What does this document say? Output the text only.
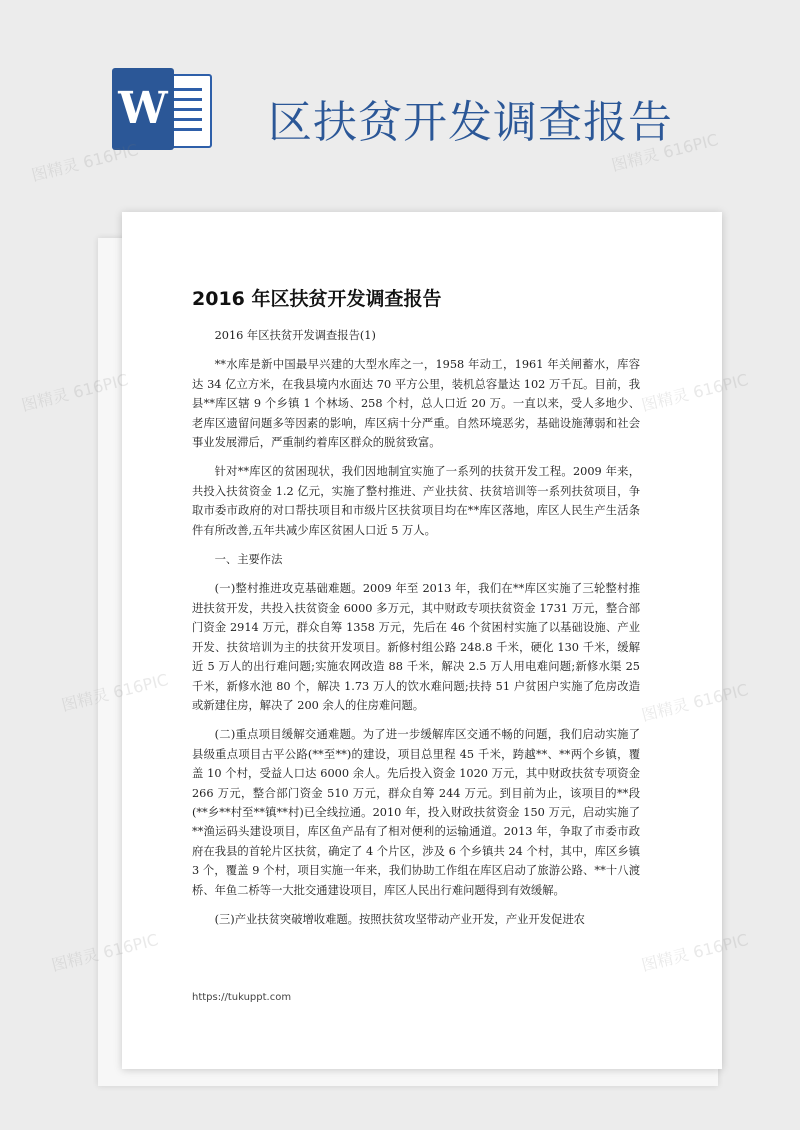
W 区扶贫开发调查报告
2016 年区扶贫开发调查报告

2016 年区扶贫开发调查报告(1)

**水库是新中国最早兴建的大型水库之一，1958 年动工，1961 年关闸蓄水，库容达 34 亿立方米，在我县境内水面达 70 平方公里，装机总容量达 102 万千瓦。目前，我县**库区辖 9 个乡镇 1 个林场、258 个村，总人口近 20 万。一直以来，受人多地少、老库区遗留问题多等因素的影响，库区病十分严重。自然环境恶劣，基础设施薄弱和社会事业发展滞后，严重制约着库区群众的脱贫致富。

针对**库区的贫困现状，我们因地制宜实施了一系列的扶贫开发工程。2009 年来，共投入扶贫资金 1.2 亿元，实施了整村推进、产业扶贫、扶贫培训等一系列扶贫项目，争取市委市政府的对口帮扶项目和市级片区扶贫项目均在**库区落地，库区人民生产生活条件有所改善,五年共减少库区贫困人口近 5 万人。

一、主要作法

(一)整村推进攻克基础难题。2009 年至 2013 年，我们在**库区实施了三轮整村推进扶贫开发，共投入扶贫资金 6000 多万元，其中财政专项扶贫资金 1731 万元，整合部门资金 2914 万元，群众自筹 1358 万元，先后在 46 个贫困村实施了以基础设施、产业开发、扶贫培训为主的扶贫开发项目。新修村组公路 248.8 千米，硬化 130 千米，缓解近 5 万人的出行难问题;实施农网改造 88 千米，解决 2.5 万人用电难问题;新修水渠 25 千米，新修水池 80 个，解决 1.73 万人的饮水难问题;扶持 51 户贫困户实施了危房改造或新建住房，解决了 200 余人的住房难问题。

(二)重点项目缓解交通难题。为了进一步缓解库区交通不畅的问题，我们启动实施了县级重点项目古平公路(**至**)的建设，项目总里程 45 千米，跨越**、**两个乡镇，覆盖 10 个村，受益人口达 6000 余人。先后投入资金 1020 万元，其中财政扶贫专项资金 266 万元，整合部门资金 510 万元，群众自筹 244 万元。到目前为止，该项目的**段(**乡**村至**镇**村)已全线拉通。2010 年，投入财政扶贫资金 150 万元，启动实施了**渔运码头建设项目，库区鱼产品有了相对便利的运输通道。2013 年，争取了市委市政府在我县的首轮片区扶贫，确定了 4 个片区，涉及 6 个乡镇共 24 个村，其中，库区乡镇 3 个，覆盖 9 个村，项目实施一年来，我们协助工作组在库区启动了旅游公路、**十八渡桥、年鱼二桥等一大批交通建设项目，库区人民出行难问题得到有效缓解。

(三)产业扶贫突破增收难题。按照扶贫攻坚带动产业开发，产业开发促进农

https://tukuppt.com
图精灵 616PIC	图精灵 616PIC
图精灵 616PIC
图精灵
图精灵
